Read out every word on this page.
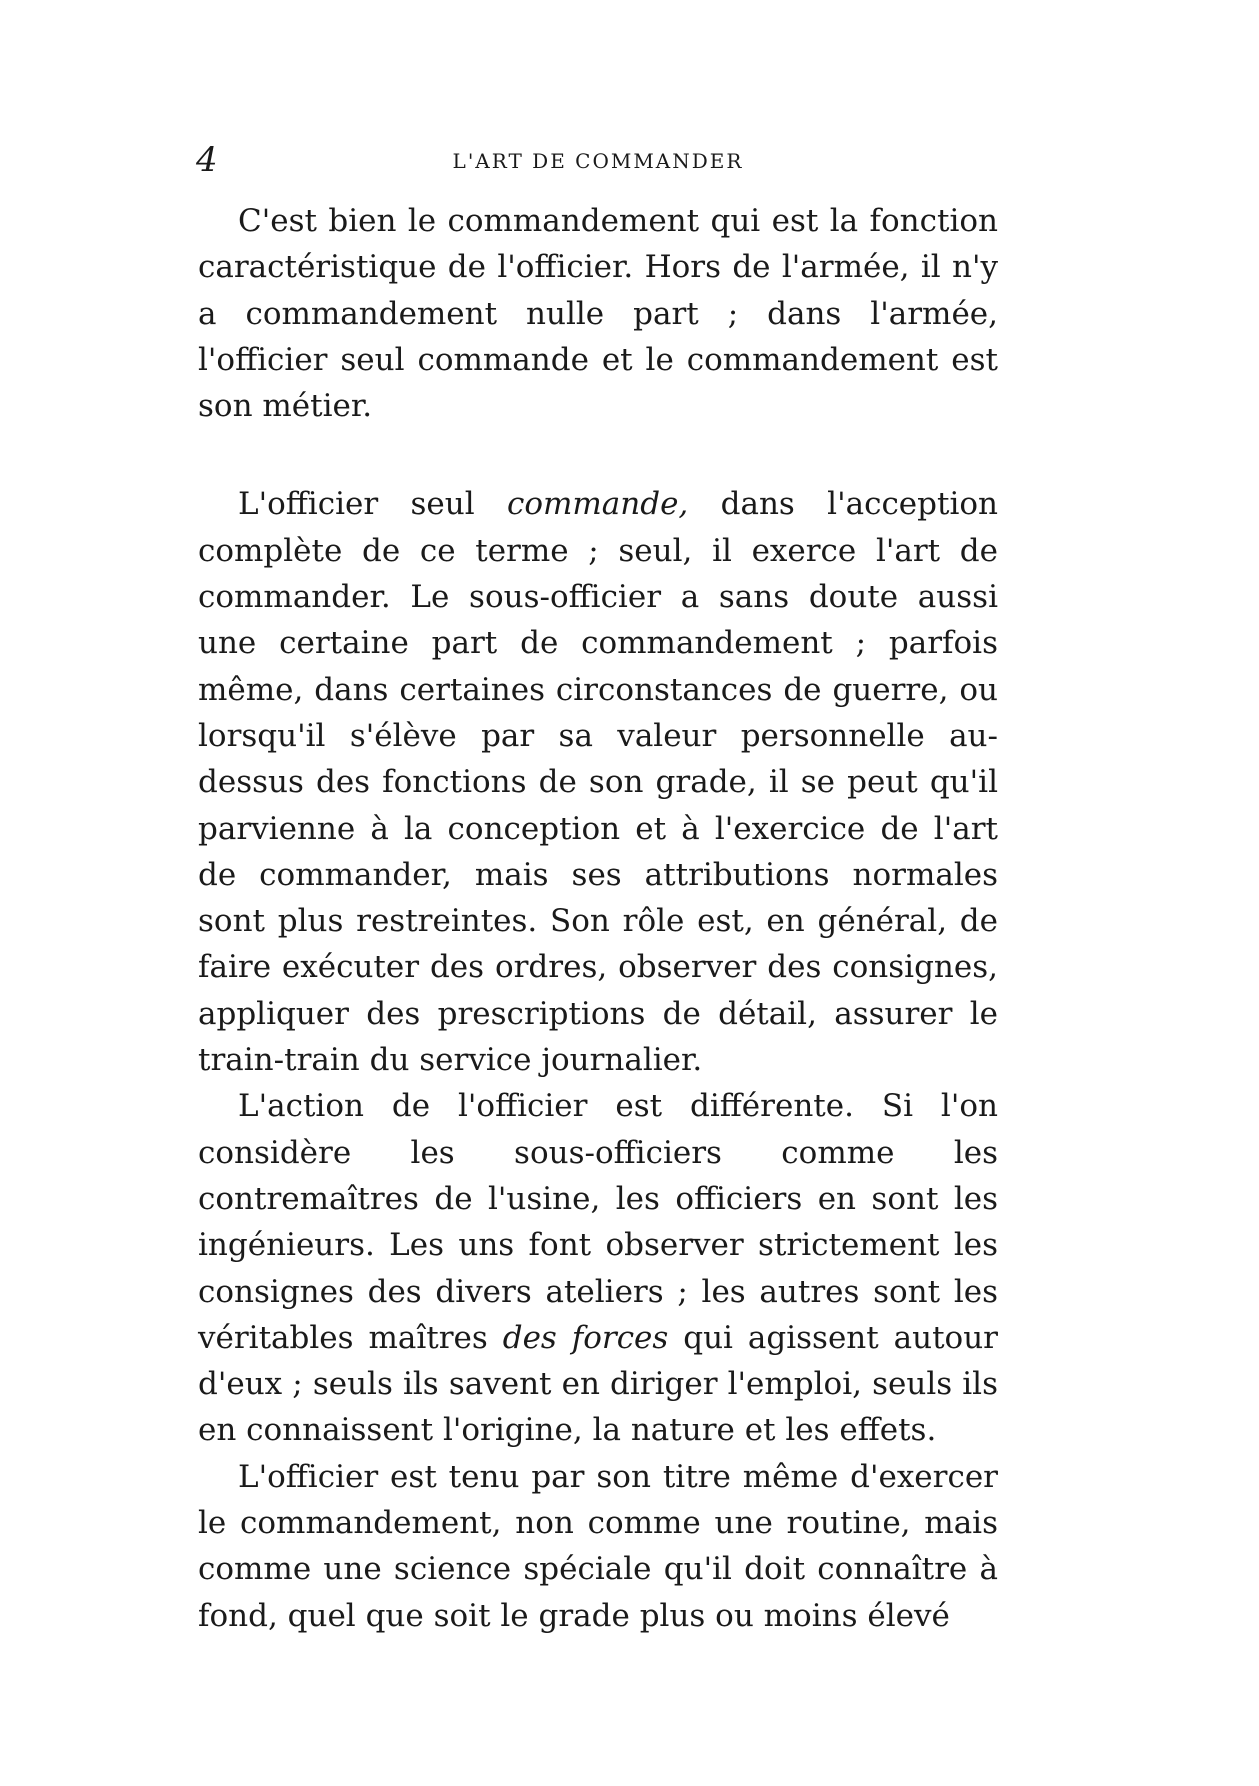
4	L'ART DE COMMANDER

C'est bien le commandement qui est la fonction caractéristique de l'officier. Hors de l'armée, il n'y a commandement nulle part ; dans l'armée, l'officier seul commande et le commandement est son métier.

L'officier seul commande, dans l'acception complète de ce terme ; seul, il exerce l'art de commander. Le sous-officier a sans doute aussi une certaine part de commandement ; parfois même, dans certaines circonstances de guerre, ou lorsqu'il s'élève par sa valeur personnelle au-dessus des fonctions de son grade, il se peut qu'il parvienne à la conception et à l'exercice de l'art de commander, mais ses attributions normales sont plus restreintes. Son rôle est, en général, de faire exécuter des ordres, observer des consignes, appliquer des prescriptions de détail, assurer le train-train du service journalier.

L'action de l'officier est différente. Si l'on considère les sous-officiers comme les contremaîtres de l'usine, les officiers en sont les ingénieurs. Les uns font observer strictement les consignes des divers ateliers ; les autres sont les véritables maîtres des forces qui agissent autour d'eux ; seuls ils savent en diriger l'emploi, seuls ils en connaissent l'origine, la nature et les effets.

L'officier est tenu par son titre même d'exercer le commandement, non comme une routine, mais comme une science spéciale qu'il doit connaître à fond, quel que soit le grade plus ou moins élevé
